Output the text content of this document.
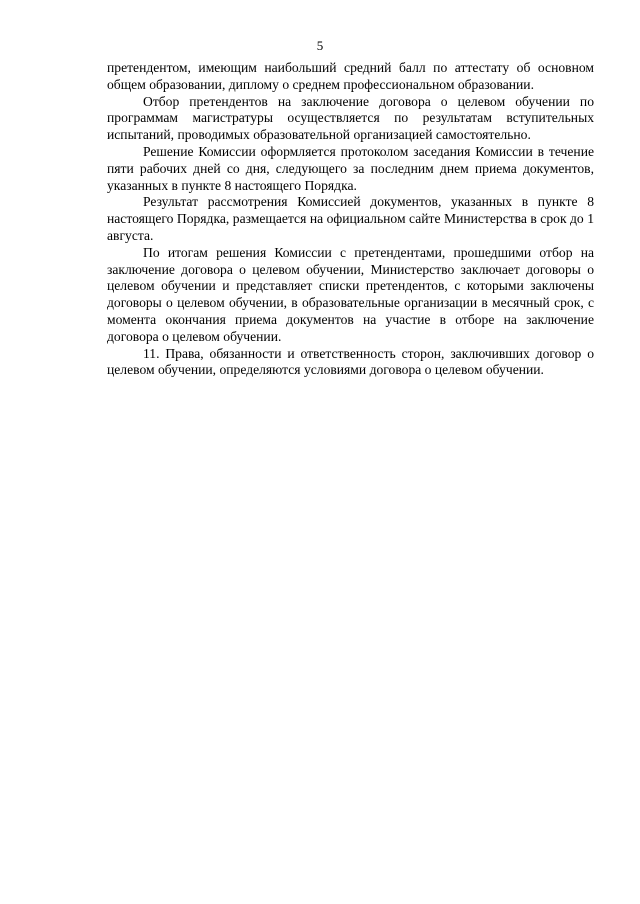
5

претендентом, имеющим наибольший средний балл по аттестату об основном общем образовании, диплому о среднем профессиональном образовании.

Отбор претендентов на заключение договора о целевом обучении по программам магистратуры осуществляется по результатам вступительных испытаний, проводимых образовательной организацией самостоятельно.

Решение Комиссии оформляется протоколом заседания Комиссии в течение пяти рабочих дней со дня, следующего за последним днем приема документов, указанных в пункте 8 настоящего Порядка.

Результат рассмотрения Комиссией документов, указанных в пункте 8 настоящего Порядка, размещается на официальном сайте Министерства в срок до 1 августа.

По итогам решения Комиссии с претендентами, прошедшими отбор на заключение договора о целевом обучении, Министерство заключает договоры о целевом обучении и представляет списки претендентов, с которыми заключены договоры о целевом обучении, в образовательные организации в месячный срок, с момента окончания приема документов на участие в отборе на заключение договора о целевом обучении.

11. Права, обязанности и ответственность сторон, заключивших договор о целевом обучении, определяются условиями договора о целевом обучении.
